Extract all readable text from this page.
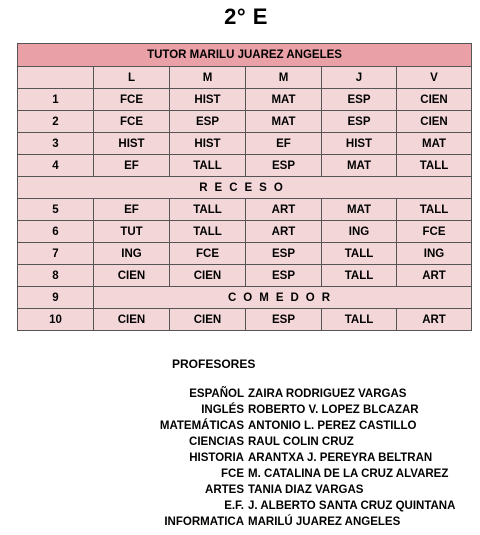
2° E
TUTOR MARILU JUAREZ ANGELES					
	L	M	M	J	V
1	FCE	HIST	MAT	ESP	CIEN
2	FCE	ESP	MAT	ESP	CIEN
3	HIST	HIST	EF	HIST	MAT
4	EF	TALL	ESP	MAT	TALL
RECESO					
5	EF	TALL	ART	MAT	TALL
6	TUT	TALL	ART	ING	FCE
7	ING	FCE	ESP	TALL	ING
8	CIEN	CIEN	ESP	TALL	ART
9	COMEDOR				
10	CIEN	CIEN	ESP	TALL	ART
PROFESORES
ESPAÑOL ZAIRA RODRIGUEZ VARGAS
INGLÉS ROBERTO V. LOPEZ BLCAZAR
MATEMÁTICAS ANTONIO L. PEREZ CASTILLO
CIENCIAS RAUL COLIN CRUZ
HISTORIA ARANTXA J. PEREYRA BELTRAN
FCE M. CATALINA DE LA CRUZ ALVAREZ
ARTES TANIA DIAZ VARGAS
E.F. J. ALBERTO SANTA CRUZ QUINTANA
INFORMATICA MARILÚ JUAREZ ANGELES
